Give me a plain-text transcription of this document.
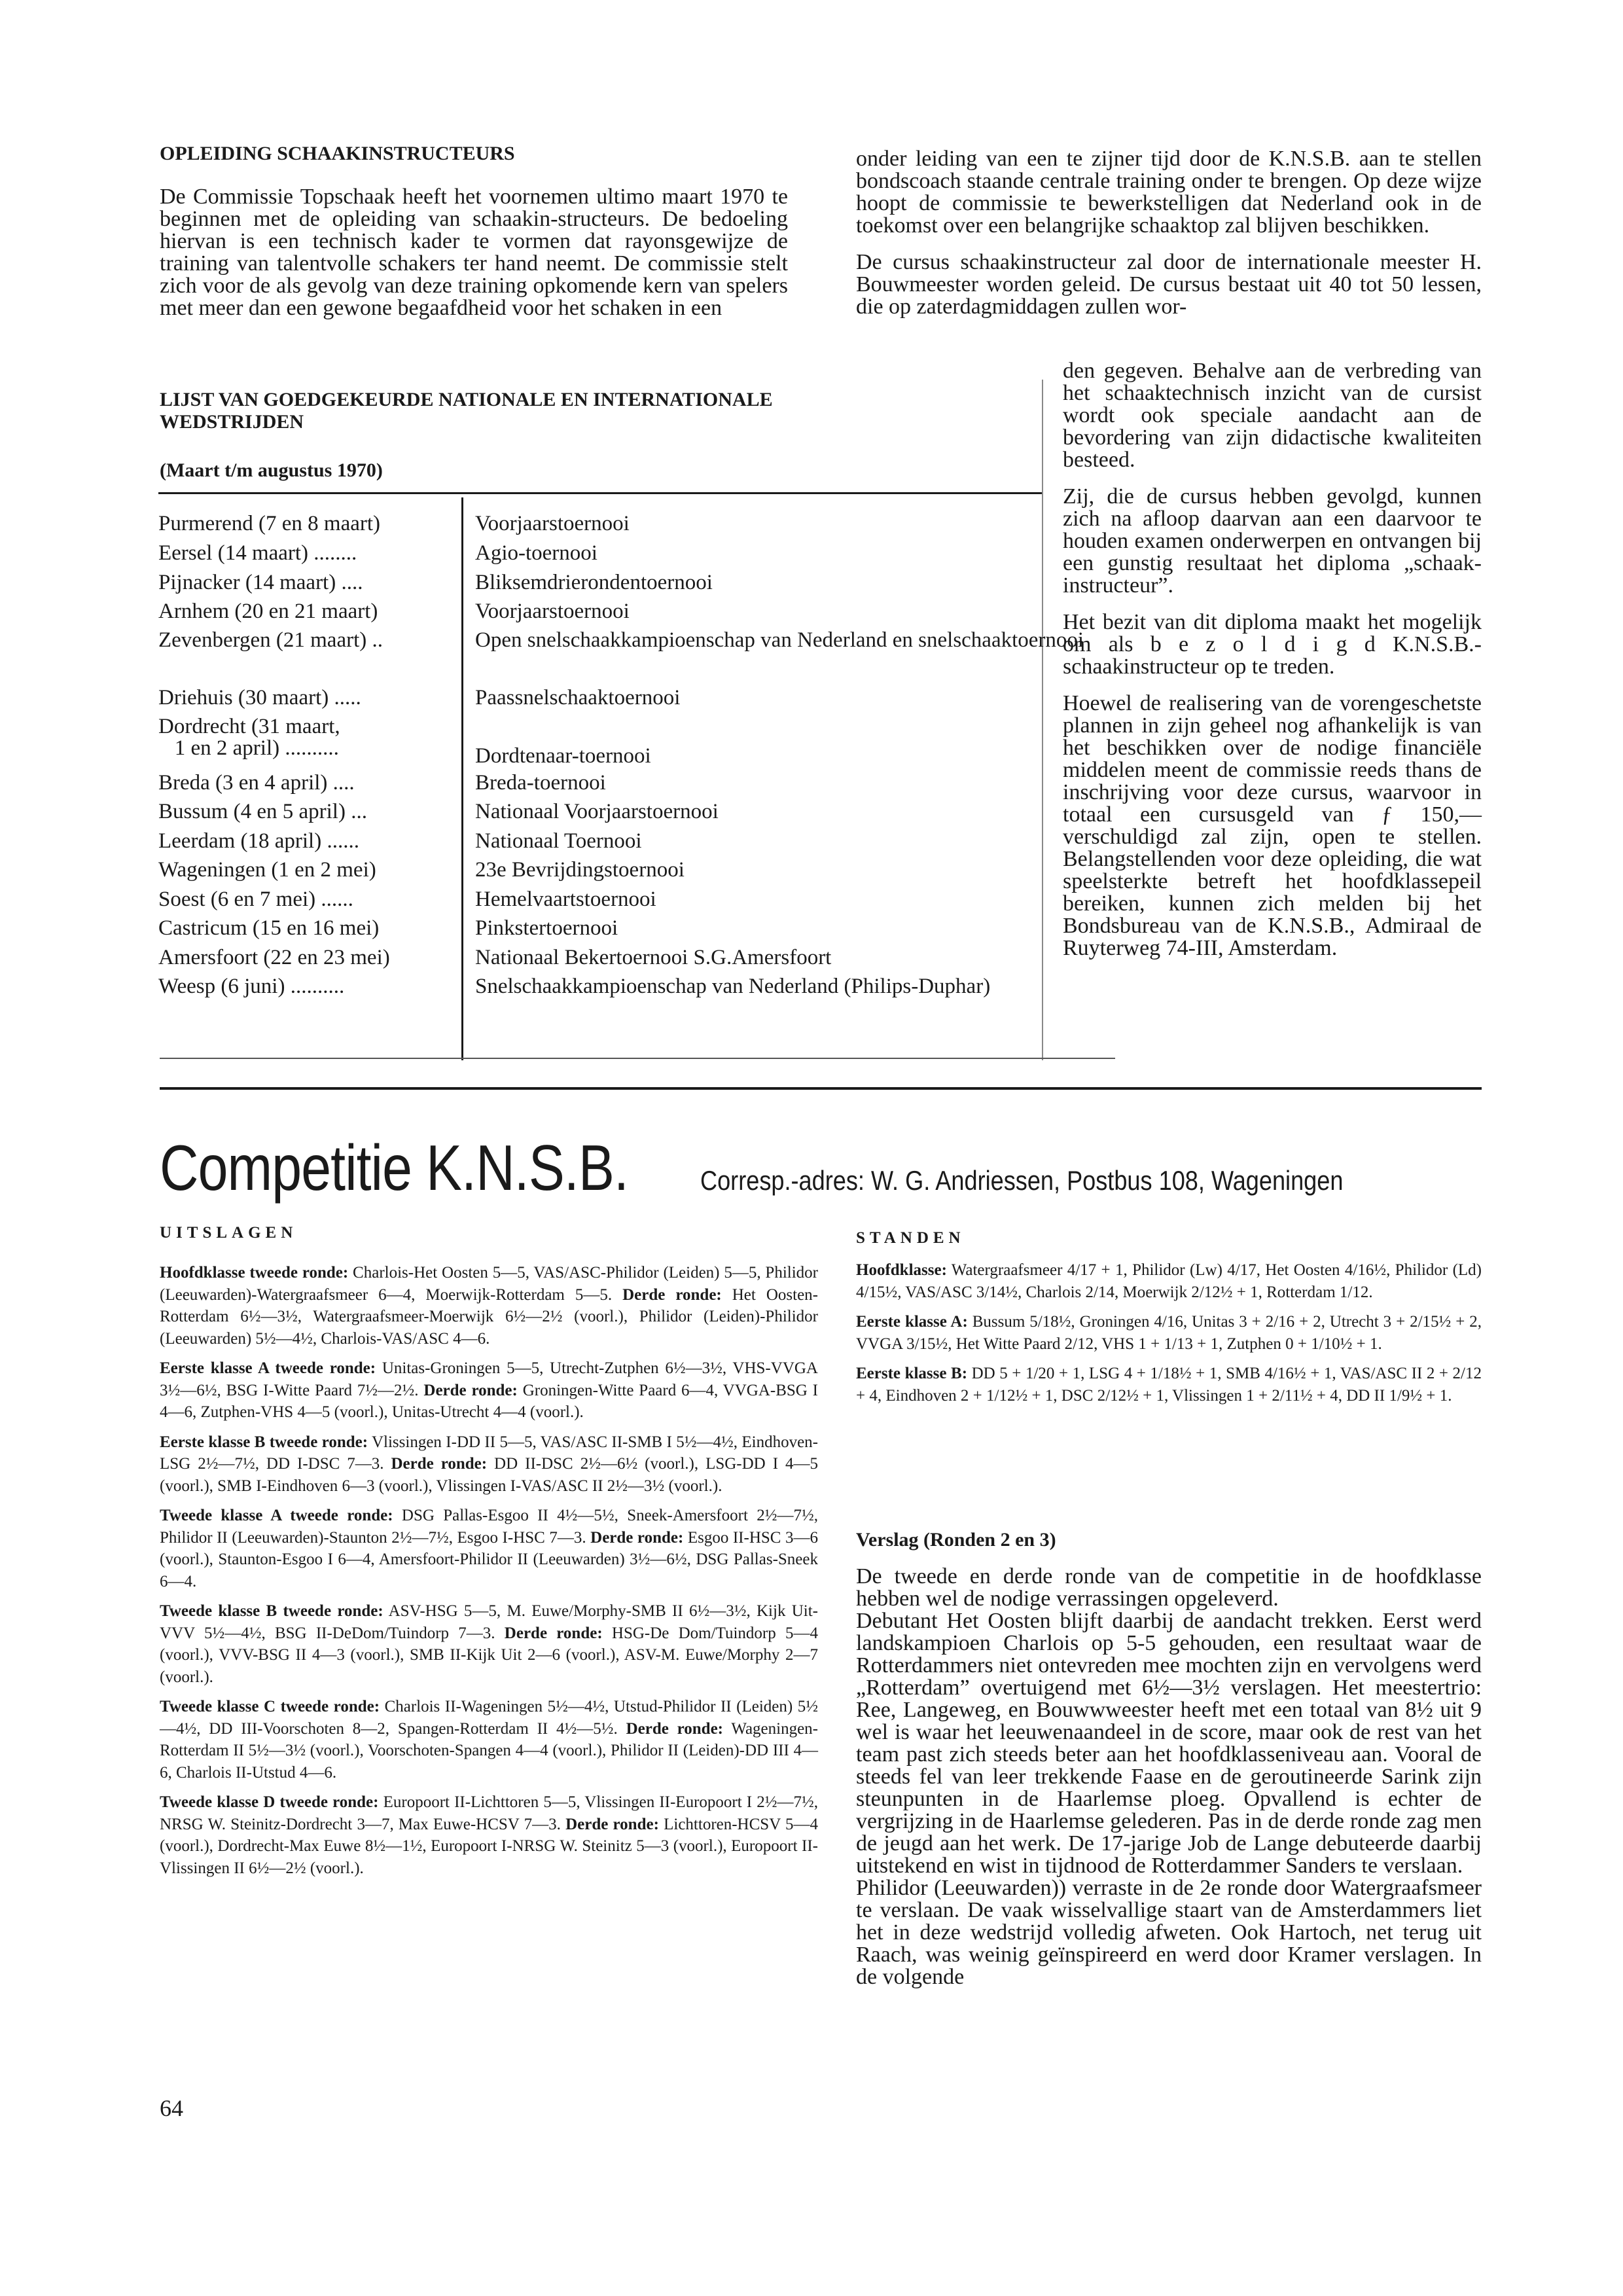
OPLEIDING SCHAAKINSTRUCTEURS

De Commissie Topschaak heeft het voornemen ultimo maart 1970 te beginnen met de opleiding van schaakin-structeurs. De bedoeling hiervan is een technisch kader te vormen dat rayonsgewijze de training van talentvolle schakers ter hand neemt. De commissie stelt zich voor de als gevolg van deze training opkomende kern van spelers met meer dan een gewone begaafdheid voor het schaken in een

onder leiding van een te zijner tijd door de K.N.S.B. aan te stellen bondscoach staande centrale training onder te brengen. Op deze wijze hoopt de commissie te bewerkstelligen dat Nederland ook in de toekomst over een belangrijke schaaktop zal blijven beschikken.

De cursus schaakinstructeur zal door de internationale meester H. Bouwmeester worden geleid. De cursus bestaat uit 40 tot 50 lessen, die op zaterdagmiddagen zullen wor-

den gegeven. Behalve aan de verbreding van het schaaktechnisch inzicht van de cursist wordt ook speciale aandacht aan de bevordering van zijn didactische kwaliteiten besteed.

Zij, die de cursus hebben gevolgd, kunnen zich na afloop daarvan aan een daarvoor te houden examen onderwerpen en ontvangen bij een gunstig resultaat het diploma „schaak-instructeur”.

Het bezit van dit diploma maakt het mogelijk om als b e z o l d i g d K.N.S.B.-schaakinstructeur op te treden.

Hoewel de realisering van de vorengeschetste plannen in zijn geheel nog afhankelijk is van het beschikken over de nodige financiële middelen meent de commissie reeds thans de inschrijving voor deze cursus, waarvoor in totaal een cursusgeld van ƒ 150,— verschuldigd zal zijn, open te stellen. Belangstellenden voor deze opleiding, die wat speelsterkte betreft het hoofdklassepeil bereiken, kunnen zich melden bij het Bondsbureau van de K.N.S.B., Admiraal de Ruyterweg 74-III, Amsterdam.

LIJST VAN GOEDGEKEURDE NATIONALE EN INTERNATIONALE
WEDSTRIJDEN
(Maart t/m augustus 1970)
Purmerend (7 en 8 maart)	Voorjaarstoernooi
Eersel (14 maart) ........	Agio-toernooi
Pijnacker (14 maart) ....	Bliksemdrierondentoernooi
Arnhem (20 en 21 maart)	Voorjaarstoernooi
Zevenbergen (21 maart) ..	Open snelschaakkampioenschap van Nederland en snelschaaktoernooi
Driehuis (30 maart) .....	Paassnelschaaktoernooi
Dordrecht (31 maart,
1 en 2 april) ..........	Dordtenaar-toernooi
Breda (3 en 4 april) ....	Breda-toernooi
Bussum (4 en 5 april) ...	Nationaal Voorjaarstoernooi
Leerdam (18 april) ......	Nationaal Toernooi
Wageningen (1 en 2 mei)	23e Bevrijdingstoernooi
Soest (6 en 7 mei) ......	Hemelvaartstoernooi
Castricum (15 en 16 mei)	Pinkstertoernooi
Amersfoort (22 en 23 mei)	Nationaal Bekertoernooi S.G.Amersfoort
Weesp (6 juni) ..........	Snelschaakkampioenschap van Nederland (Philips-Duphar)
Competitie K.N.S.B.	Corresp.-adres: W. G. Andriessen, Postbus 108, Wageningen
UITSLAGEN

Hoofdklasse tweede ronde: Charlois-Het Oosten 5—5, VAS/ASC-Philidor (Leiden) 5—5, Philidor (Leeuwarden)-Watergraafsmeer 6—4, Moerwijk-Rotterdam 5—5. Derde ronde: Het Oosten-Rotterdam 6½—3½, Watergraafsmeer-Moerwijk 6½—2½ (voorl.), Philidor (Leiden)-Philidor (Leeuwarden) 5½—4½, Charlois-VAS/ASC 4—6.

Eerste klasse A tweede ronde: Unitas-Groningen 5—5, Utrecht-Zutphen 6½—3½, VHS-VVGA 3½—6½, BSG I-Witte Paard 7½—2½. Derde ronde: Groningen-Witte Paard 6—4, VVGA-BSG I 4—6, Zutphen-VHS 4—5 (voorl.), Unitas-Utrecht 4—4 (voorl.).

Eerste klasse B tweede ronde: Vlissingen I-DD II 5—5, VAS/ASC II-SMB I 5½—4½, Eindhoven-LSG 2½—7½, DD I-DSC 7—3. Derde ronde: DD II-DSC 2½—6½ (voorl.), LSG-DD I 4—5 (voorl.), SMB I-Eindhoven 6—3 (voorl.), Vlissingen I-VAS/ASC II 2½—3½ (voorl.).

Tweede klasse A tweede ronde: DSG Pallas-Esgoo II 4½—5½, Sneek-Amersfoort 2½—7½, Philidor II (Leeuwarden)-Staunton 2½—7½, Esgoo I-HSC 7—3. Derde ronde: Esgoo II-HSC 3—6 (voorl.), Staunton-Esgoo I 6—4, Amersfoort-Philidor II (Leeuwarden) 3½—6½, DSG Pallas-Sneek 6—4.

Tweede klasse B tweede ronde: ASV-HSG 5—5, M. Euwe/Morphy-SMB II 6½—3½, Kijk Uit-VVV 5½—4½, BSG II-DeDom/Tuindorp 7—3. Derde ronde: HSG-De Dom/Tuindorp 5—4 (voorl.), VVV-BSG II 4—3 (voorl.), SMB II-Kijk Uit 2—6 (voorl.), ASV-M. Euwe/Morphy 2—7 (voorl.).

Tweede klasse C tweede ronde: Charlois II-Wageningen 5½—4½, Utstud-Philidor II (Leiden) 5½—4½, DD III-Voorschoten 8—2, Spangen-Rotterdam II 4½—5½. Derde ronde: Wageningen-Rotterdam II 5½—3½ (voorl.), Voorschoten-Spangen 4—4 (voorl.), Philidor II (Leiden)-DD III 4—6, Charlois II-Utstud 4—6.

Tweede klasse D tweede ronde: Europoort II-Lichttoren 5—5, Vlissingen II-Europoort I 2½—7½, NRSG W. Steinitz-Dordrecht 3—7, Max Euwe-HCSV 7—3. Derde ronde: Lichttoren-HCSV 5—4 (voorl.), Dordrecht-Max Euwe 8½—1½, Europoort I-NRSG W. Steinitz 5—3 (voorl.), Europoort II-Vlissingen II 6½—2½ (voorl.).

STANDEN

Hoofdklasse: Watergraafsmeer 4/17 + 1, Philidor (Lw) 4/17, Het Oosten 4/16½, Philidor (Ld) 4/15½, VAS/ASC 3/14½, Charlois 2/14, Moerwijk 2/12½ + 1, Rotterdam 1/12.

Eerste klasse A: Bussum 5/18½, Groningen 4/16, Unitas 3 + 2/16 + 2, Utrecht 3 + 2/15½ + 2, VVGA 3/15½, Het Witte Paard 2/12, VHS 1 + 1/13 + 1, Zutphen 0 + 1/10½ + 1.

Eerste klasse B: DD 5 + 1/20 + 1, LSG 4 + 1/18½ + 1, SMB 4/16½ + 1, VAS/ASC II 2 + 2/12 + 4, Eindhoven 2 + 1/12½ + 1, DSC 2/12½ + 1, Vlissingen 1 + 2/11½ + 4, DD II 1/9½ + 1.

Verslag (Ronden 2 en 3)

De tweede en derde ronde van de competitie in de hoofdklasse hebben wel de nodige verrassingen opgeleverd.

Debutant Het Oosten blijft daarbij de aandacht trekken. Eerst werd landskampioen Charlois op 5-5 gehouden, een resultaat waar de Rotterdammers niet ontevreden mee mochten zijn en vervolgens werd „Rotterdam” overtuigend met 6½—3½ verslagen. Het meestertrio: Ree, Langeweg, en Bouwwweester heeft met een totaal van 8½ uit 9 wel is waar het leeuwenaandeel in de score, maar ook de rest van het team past zich steeds beter aan het hoofdklasseniveau aan. Vooral de steeds fel van leer trekkende Faase en de geroutineerde Sarink zijn steunpunten in de Haarlemse ploeg. Opvallend is echter de vergrijzing in de Haarlemse gelederen. Pas in de derde ronde zag men de jeugd aan het werk. De 17-jarige Job de Lange debuteerde daarbij uitstekend en wist in tijdnood de Rotterdammer Sanders te verslaan.

Philidor (Leeuwarden)) verraste in de 2e ronde door Watergraafsmeer te verslaan. De vaak wisselvallige staart van de Amsterdammers liet het in deze wedstrijd volledig afweten. Ook Hartoch, net terug uit Raach, was weinig geïnspireerd en werd door Kramer verslagen. In de volgende

64
